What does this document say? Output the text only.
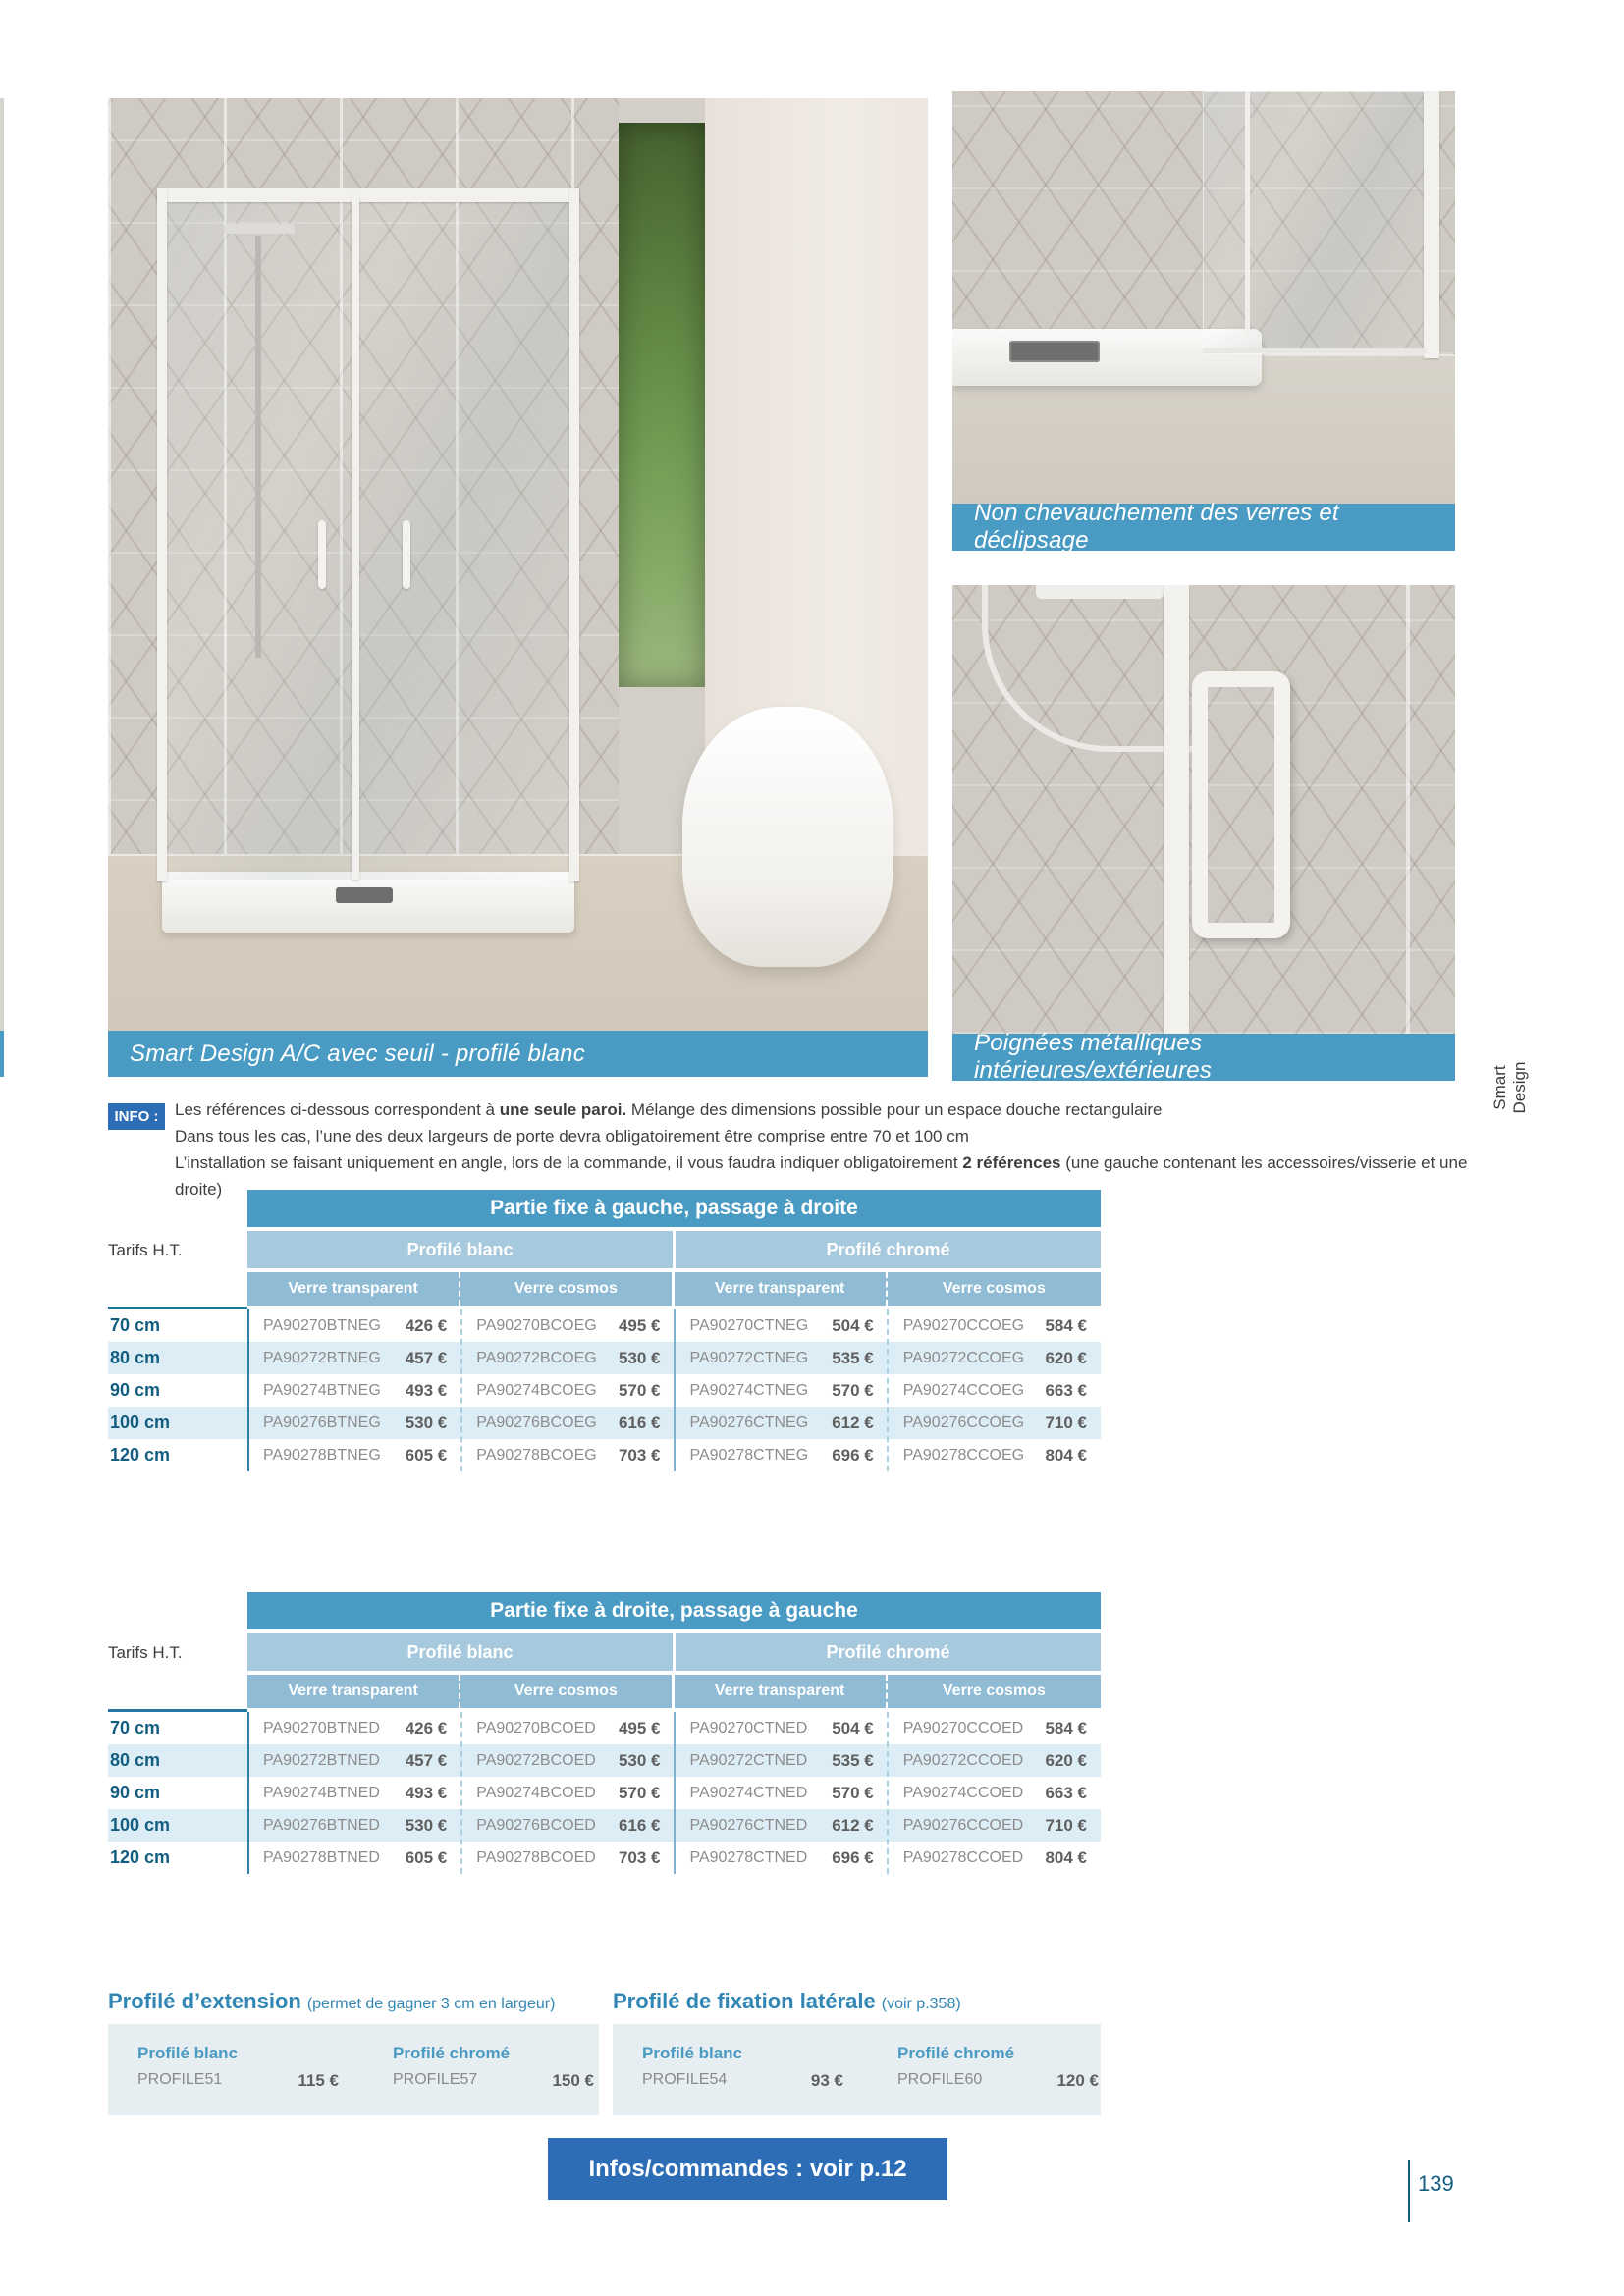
Smart Design A/C avec seuil - profilé blanc
Non chevauchement des verres et déclipsage
Poignées métalliques intérieures/extérieures	Smart Design
INFO : Les références ci-dessous correspondent à une seule paroi. Mélange des dimensions possible pour un espace douche rectangulaire
Dans tous les cas, l’une des deux largeurs de porte devra obligatoirement être comprise entre 70 et 100 cm
L’installation se faisant uniquement en angle, lors de la commande, il vous faudra indiquer obligatoirement 2 références (une gauche contenant les accessoires/visserie et une droite)
Partie fixe à gauche, passage à droite
Profilé blanc	Profilé chromé
Verre transparent	Verre cosmos	Verre transparent	Verre cosmos
Tarifs H.T.
70 cm	PA90270BTNEG 426 € PA90270BCOEG 495 € PA90270CTNEG 504 € PA90270CCOEG 584 €
80 cm	PA90272BTNEG 457 € PA90272BCOEG 530 € PA90272CTNEG 535 € PA90272CCOEG 620 €
90 cm	PA90274BTNEG 493 € PA90274BCOEG 570 € PA90274CTNEG 570 € PA90274CCOEG 663 €
100 cm	PA90276BTNEG 530 € PA90276BCOEG 616 € PA90276CTNEG 612 € PA90276CCOEG 710 €
120 cm	PA90278BTNEG 605 € PA90278BCOEG 703 € PA90278CTNEG 696 € PA90278CCOEG 804 €
Partie fixe à droite, passage à gauche
Profilé blanc	Profilé chromé
Verre transparent	Verre cosmos	Verre transparent	Verre cosmos
Tarifs H.T.
70 cm	PA90270BTNED 426 € PA90270BCOED 495 € PA90270CTNED 504 € PA90270CCOED 584 €
80 cm	PA90272BTNED 457 € PA90272BCOED 530 € PA90272CTNED 535 € PA90272CCOED 620 €
90 cm	PA90274BTNED 493 € PA90274BCOED 570 € PA90274CTNED 570 € PA90274CCOED 663 €
100 cm	PA90276BTNED 530 € PA90276BCOED 616 € PA90276CTNED 612 € PA90276CCOED 710 €
120 cm	PA90278BTNED 605 € PA90278BCOED 703 € PA90278CTNED 696 € PA90278CCOED 804 €
Profilé d’extension (permet de gagner 3 cm en largeur)	Profilé de fixation latérale (voir p.358)
Profilé blanc
PROFILE51	115 €
Profilé chromé
PROFILE57	150 €
Profilé blanc
PROFILE54	93 €
Profilé chromé
PROFILE60	120 €
Infos/commandes : voir p.12
139
